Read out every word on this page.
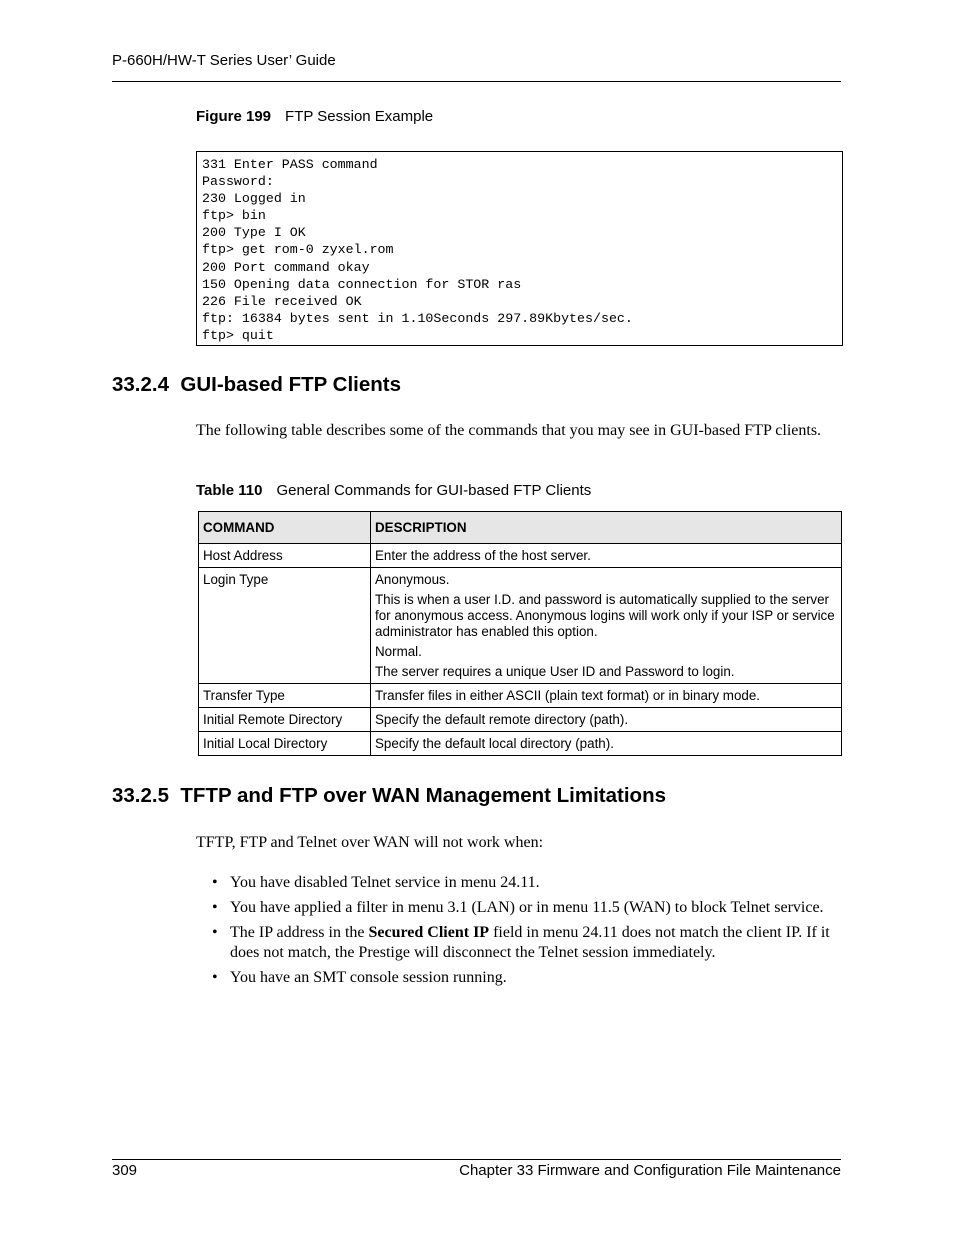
P-660H/HW-T Series User’ Guide
Figure 199 FTP Session Example
331 Enter PASS command
Password:
230 Logged in
ftp> bin
200 Type I OK
ftp> get rom-0 zyxel.rom
200 Port command okay
150 Opening data connection for STOR ras
226 File received OK
ftp: 16384 bytes sent in 1.10Seconds 297.89Kbytes/sec.
ftp> quit
33.2.4  GUI-based FTP Clients
The following table describes some of the commands that you may see in GUI-based FTP clients.
Table 110 General Commands for GUI-based FTP Clients
COMMAND	DESCRIPTION
Host Address	Enter the address of the host server.

Login Type	Anonymous.

This is when a user I.D. and password is automatically supplied to the server for anonymous access. Anonymous logins will work only if your ISP or service administrator has enabled this option.

Normal.

The server requires a unique User ID and Password to login.

Transfer Type	Transfer files in either ASCII (plain text format) or in binary mode.

Initial Remote Directory	Specify the default remote directory (path).

Initial Local Directory	Specify the default local directory (path).

33.2.5  TFTP and FTP over WAN Management Limitations
TFTP, FTP and Telnet over WAN will not work when:
• You have disabled Telnet service in menu 24.11.
• You have applied a filter in menu 3.1 (LAN) or in menu 11.5 (WAN) to block Telnet service.
• The IP address in the Secured Client IP field in menu 24.11 does not match the client IP. If it does not match, the Prestige will disconnect the Telnet session immediately.
• You have an SMT console session running.
309	Chapter 33 Firmware and Configuration File Maintenance
